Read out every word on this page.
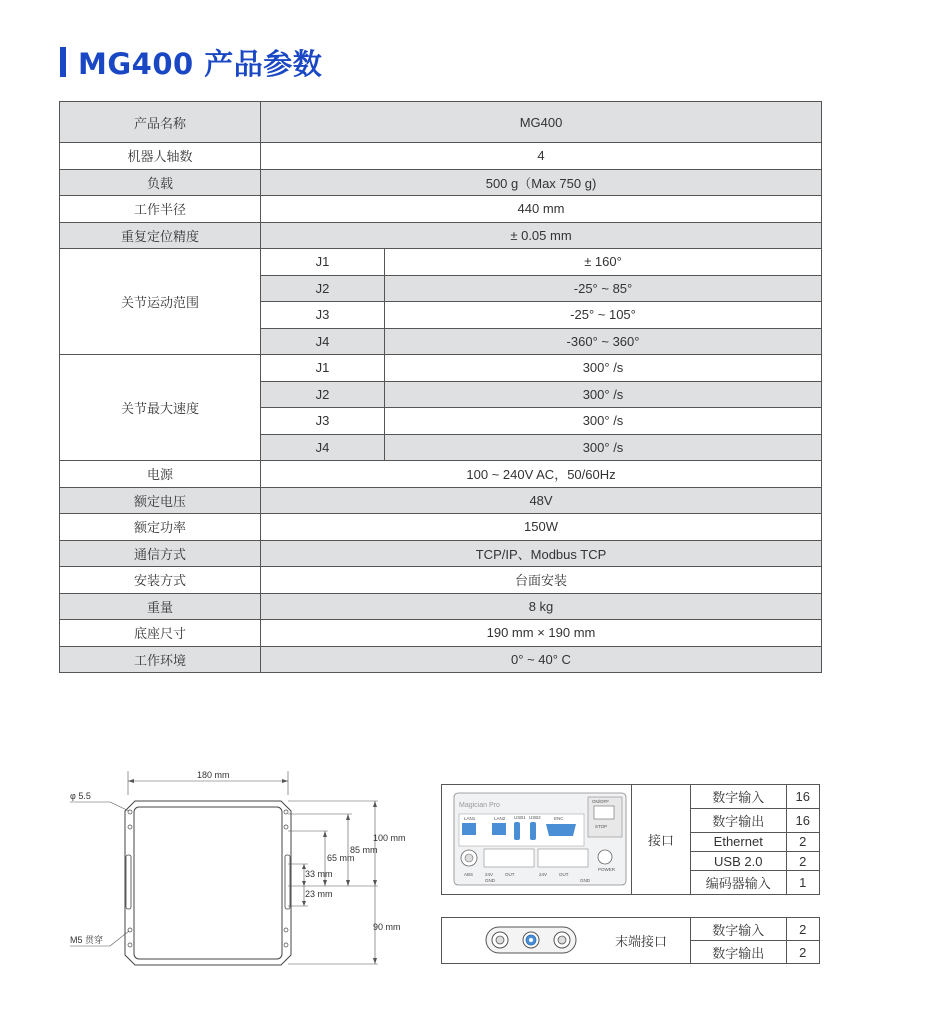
MG400 产品参数
产品名称	MG400	
机器人轴数	4	
负载	500 g（Max 750 g)	
工作半径	440 mm	
重复定位精度	± 0.05 mm	
关节运动范围	J1	± 160°
	J2	-25° ~ 85°
	J3	-25° ~ 105°
	J4	-360° ~ 360°
关节最大速度	J1	300° /s
	J2	300° /s
	J3	300° /s
	J4	300° /s
电源	100 ~ 240V AC，50/60Hz	
额定电压	48V	
额定功率	150W	
通信方式	TCP/IP、Modbus TCP	
安装方式	台面安装	
重量	8 kg	
底座尺寸	190 mm × 190 mm	
工作环境	0° ~ 40° C	
180 mm
φ 5.5
M5 贯穿
100 mm
85 mm
65 mm
33 mm
23 mm
90 mm
Magician Pro
ON/OFF
STOP
LAN1	LAN2 USB1 USB2	ENC
ABS	24V	OUT
GND
24V	OUT
GND
POWER
接口
数字输入	16
数字输出	16
Ethernet	2
USB 2.0	2
编码器输入	1
末端接口
数字输入	2
数字输出	2
